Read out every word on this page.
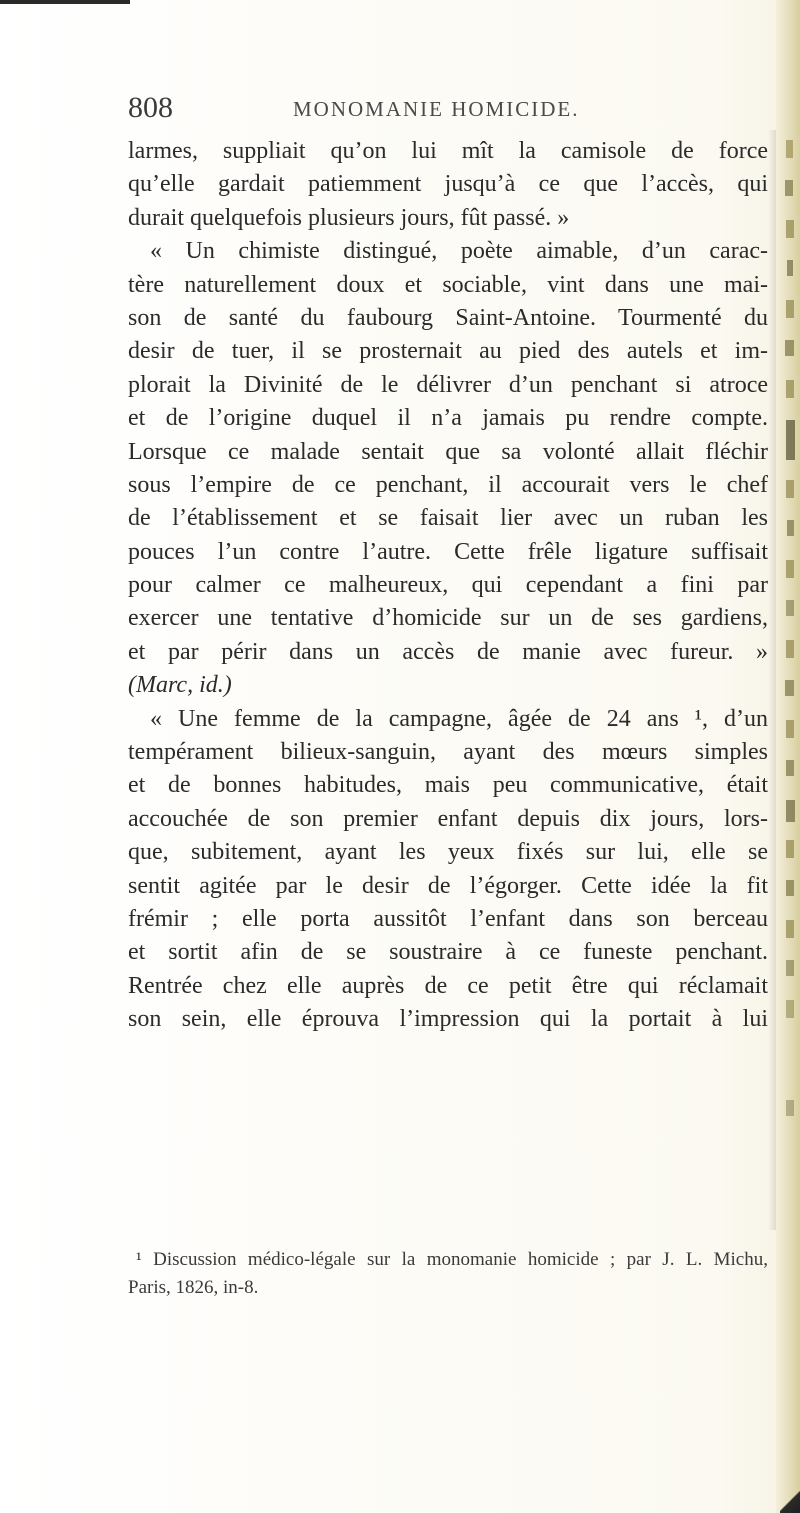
808	MONOMANIE HOMICIDE.
larmes, suppliait qu’on lui mît la camisole de force
qu’elle gardait patiemment jusqu’à ce que l’accès, qui
durait quelquefois plusieurs jours, fût passé. »
« Un chimiste distingué, poète aimable, d’un carac-
tère naturellement doux et sociable, vint dans une mai-
son de santé du faubourg Saint-Antoine. Tourmenté du
desir de tuer, il se prosternait au pied des autels et im-
plorait la Divinité de le délivrer d’un penchant si atroce
et de l’origine duquel il n’a jamais pu rendre compte.
Lorsque ce malade sentait que sa volonté allait fléchir
sous l’empire de ce penchant, il accourait vers le chef
de l’établissement et se faisait lier avec un ruban les
pouces l’un contre l’autre. Cette frêle ligature suffisait
pour calmer ce malheureux, qui cependant a fini par
exercer une tentative d’homicide sur un de ses gardiens,
et par périr dans un accès de manie avec fureur. »
(Marc, id.)
« Une femme de la campagne, âgée de 24 ans ¹, d’un
tempérament bilieux-sanguin, ayant des mœurs simples
et de bonnes habitudes, mais peu communicative, était
accouchée de son premier enfant depuis dix jours, lors-
que, subitement, ayant les yeux fixés sur lui, elle se
sentit agitée par le desir de l’égorger. Cette idée la fit
frémir ; elle porta aussitôt l’enfant dans son berceau
et sortit afin de se soustraire à ce funeste penchant.
Rentrée chez elle auprès de ce petit être qui réclamait
son sein, elle éprouva l’impression qui la portait à lui
¹ Discussion médico-légale sur la monomanie homicide ; par J. L. Michu,
Paris, 1826, in-8.
